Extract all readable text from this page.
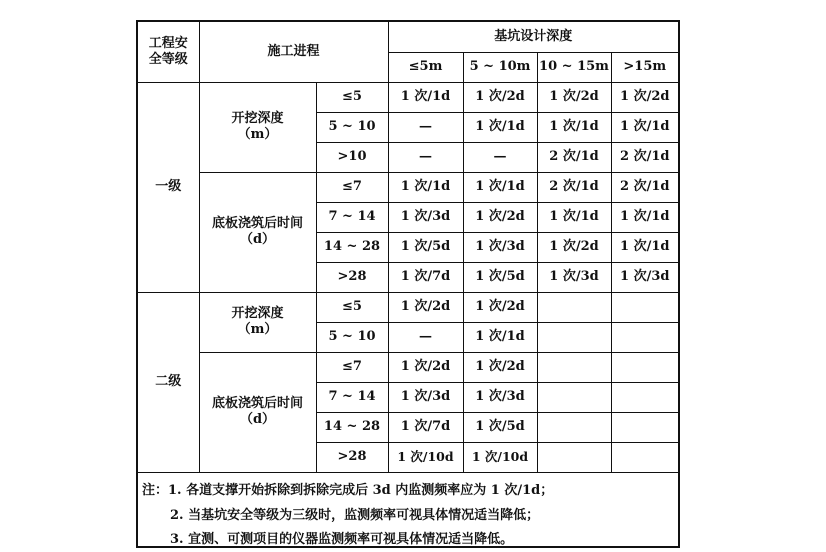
工程安
全等级	施工进程		基坑设计深度			
			≤5m	5 ~ 10m	10 ~ 15m	>15m
一级	开挖深度
（m）	≤5	1 次/1d	1 次/2d	1 次/2d	1 次/2d
		5 ~ 10	—	1 次/1d	1 次/1d	1 次/1d
		>10	—	—	2 次/1d	2 次/1d

	底板浇筑后时间
（d）	≤7	1 次/1d	1 次/1d	2 次/1d	2 次/1d
		7 ~ 14	1 次/3d	1 次/2d	1 次/1d	1 次/1d
		14 ~ 28	1 次/5d	1 次/3d	1 次/2d	1 次/1d
		>28	1 次/7d	1 次/5d	1 次/3d	1 次/3d
二级	开挖深度
（m）	≤5	1 次/2d	1 次/2d		
		5 ~ 10	—	1 次/1d		

	底板浇筑后时间
（d）	≤7	1 次/2d	1 次/2d		
		7 ~ 14	1 次/3d	1 次/3d		
		14 ~ 28	1 次/7d	1 次/5d		
		>28	1 次/10d	1 次/10d		
注：1. 各道支撑开始拆除到拆除完成后 3d 内监测频率应为 1 次/1d；
2. 当基坑安全等级为三级时，监测频率可视具体情况适当降低；
3. 宜测、可测项目的仪器监测频率可视具体情况适当降低。
